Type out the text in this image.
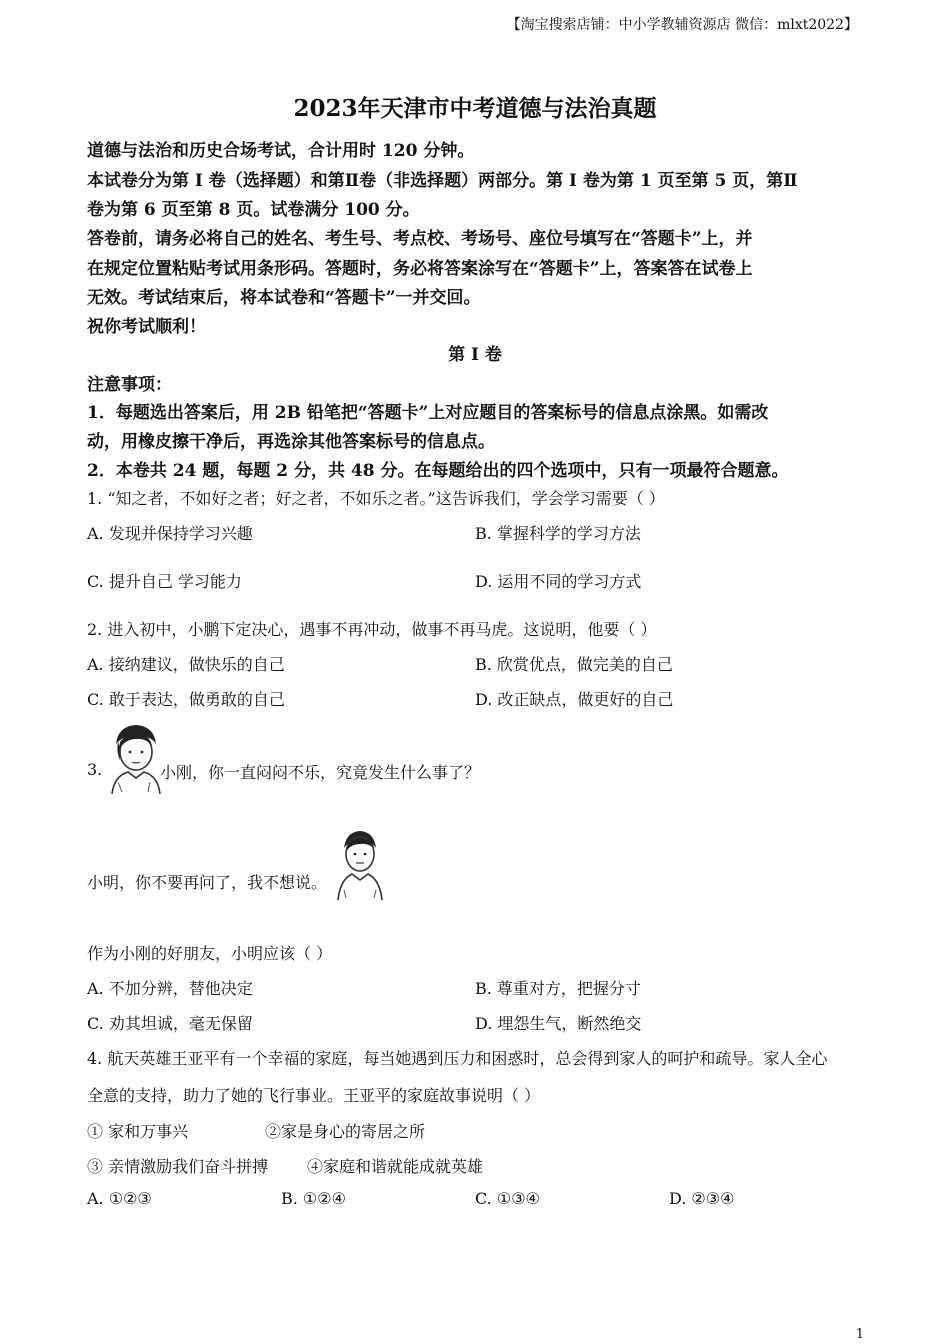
【淘宝搜索店铺：中小学教辅资源店 微信：mlxt2022】
2023年天津市中考道德与法治真题
道德与法治和历史合场考试，合计用时 120 分钟。
本试卷分为第 I 卷（选择题）和第Ⅱ卷（非选择题）两部分。第 I 卷为第 1 页至第 5 页，第Ⅱ
卷为第 6 页至第 8 页。试卷满分 100 分。
答卷前，请务必将自己的姓名、考生号、考点校、考场号、座位号填写在“答题卡”上，并
在规定位置粘贴考试用条形码。答题时，务必将答案涂写在“答题卡”上，答案答在试卷上
无效。考试结束后，将本试卷和“答题卡”一并交回。
祝你考试顺利！
第 I 卷
注意事项：
1．每题选出答案后，用 2B 铅笔把“答题卡”上对应题目的答案标号的信息点涂黑。如需改
动，用橡皮擦干净后，再选涂其他答案标号的信息点。
2．本卷共 24 题，每题 2 分，共 48 分。在每题给出的四个选项中，只有一项最符合题意。
1. “知之者，不如好之者；好之者，不如乐之者。”这告诉我们，学会学习需要（ ）
A. 发现并保持学习兴趣	B. 掌握科学的学习方法
C. 提升自己 学习能力	D. 运用不同的学习方式
2. 进入初中，小鹏下定决心，遇事不再冲动，做事不再马虎。这说明，他要（ ）
A. 接纳建议，做快乐的自己	B. 欣赏优点，做完美的自己
C. 敢于表达，做勇敢的自己	D. 改正缺点，做更好的自己
3.	小刚，你一直闷闷不乐，究竟发生什么事了？
小明，你不要再问了，我不想说。
作为小刚的好朋友，小明应该（ ）
A. 不加分辨，替他决定	B. 尊重对方，把握分寸
C. 劝其坦诚，毫无保留	D. 埋怨生气，断然绝交
4. 航天英雄王亚平有一个幸福的家庭，每当她遇到压力和困惑时，总会得到家人的呵护和疏导。家人全心
全意的支持，助力了她的飞行事业。王亚平的家庭故事说明（ ）
① 家和万事兴	②家是身心的寄居之所
③ 亲情激励我们奋斗拼搏 ④家庭和谐就能成就英雄
A. ①②③	B. ①②④	C. ①③④	D. ②③④
1
